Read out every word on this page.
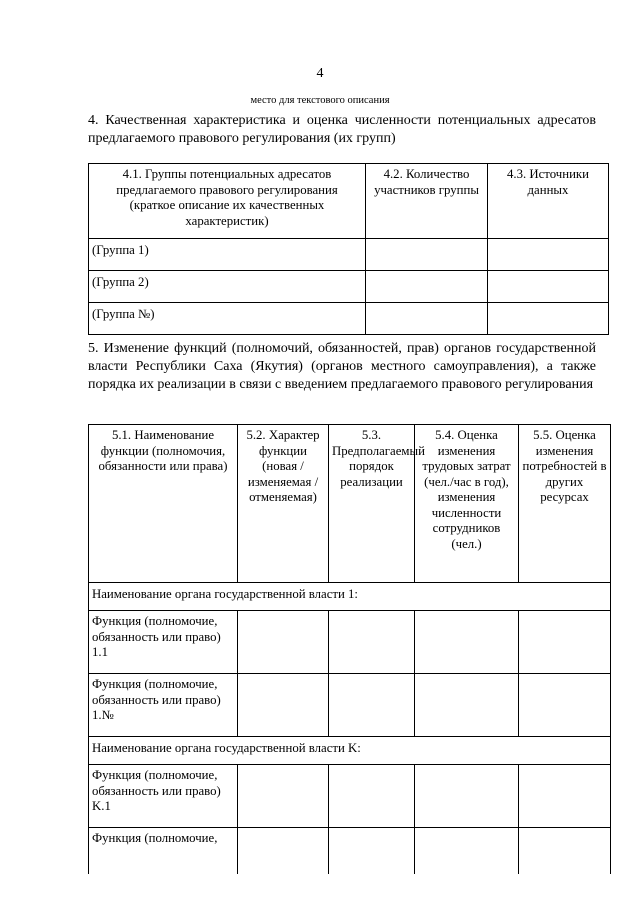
4
место для текстового описания
4. Качественная характеристика и оценка численности потенциальных адресатов предлагаемого правового регулирования (их групп)
4.1. Группы потенциальных адресатов предлагаемого правового регулирования (краткое описание их качественных характеристик)	4.2. Количество участников группы	4.3. Источники данных
(Группа 1)		
(Группа 2)		
(Группа №)		
5. Изменение функций (полномочий, обязанностей, прав) органов государственной власти Республики Саха (Якутия) (органов местного самоуправления), а также порядка их реализации в связи с введением предлагаемого правового регулирования
5.1. Наименование функции (полномочия, обязанности или права)	5.2. Характер функции (новая / изменяемая / отменяемая)	5.3. Предполагаемый порядок реализации	5.4. Оценка изменения трудовых затрат (чел./час в год), изменения численности сотрудников (чел.)	5.5. Оценка изменения потребностей в других ресурсах
Наименование органа государственной власти 1:				
Функция (полномочие, обязанность или право) 1.1				
Функция (полномочие, обязанность или право) 1.№				
Наименование органа государственной власти K:				
Функция (полномочие, обязанность или право) K.1				
Функция (полномочие,				
